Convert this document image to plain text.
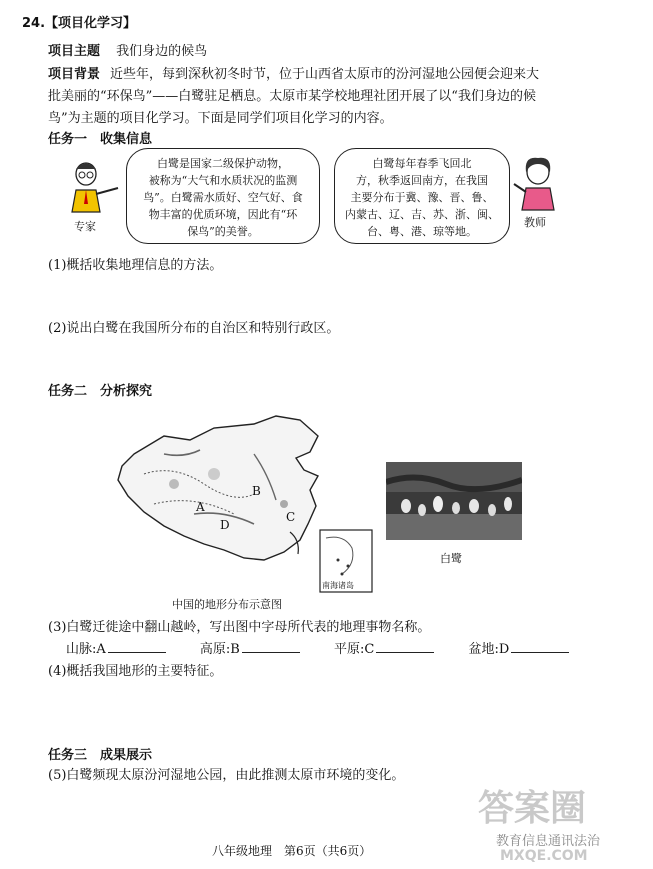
24.【项目化学习】
项目主题 我们身边的候鸟
项目背景 近些年，每到深秋初冬时节，位于山西省太原市的汾河湿地公园便会迎来大
批美丽的“环保鸟”——白鹭驻足栖息。太原市某学校地理社团开展了以“我们身边的候
鸟”为主题的项目化学习。下面是同学们项目化学习的内容。
任务一　收集信息
专家
白鹭是国家二级保护动物，
被称为“大气和水质状况的监测
鸟”。白鹭需水质好、空气好、食
物丰富的优质环境，因此有“环
保鸟”的美誉。
白鹭每年春季飞回北
方，秋季返回南方，在我国
主要分布于冀、豫、晋、鲁、
内蒙古、辽、吉、苏、浙、闽、
台、粤、港、琼等地。
教师
(1)概括收集地理信息的方法。
(2)说出白鹭在我国所分布的自治区和特别行政区。
任务二　分析探究
A
B
C
D
南海诸岛
中国的地形分布示意图
白鹭
(3)白鹭迁徙途中翻山越岭，写出图中字母所代表的地理事物名称。
山脉:A	高原:B	平原:C	盆地:D
(4)概括我国地形的主要特征。
任务三　成果展示
(5)白鹭频现太原汾河湿地公园，由此推测太原市环境的变化。
答案圈
教育信息通讯法治
MXQE.COM
八年级地理　第6页（共6页）
